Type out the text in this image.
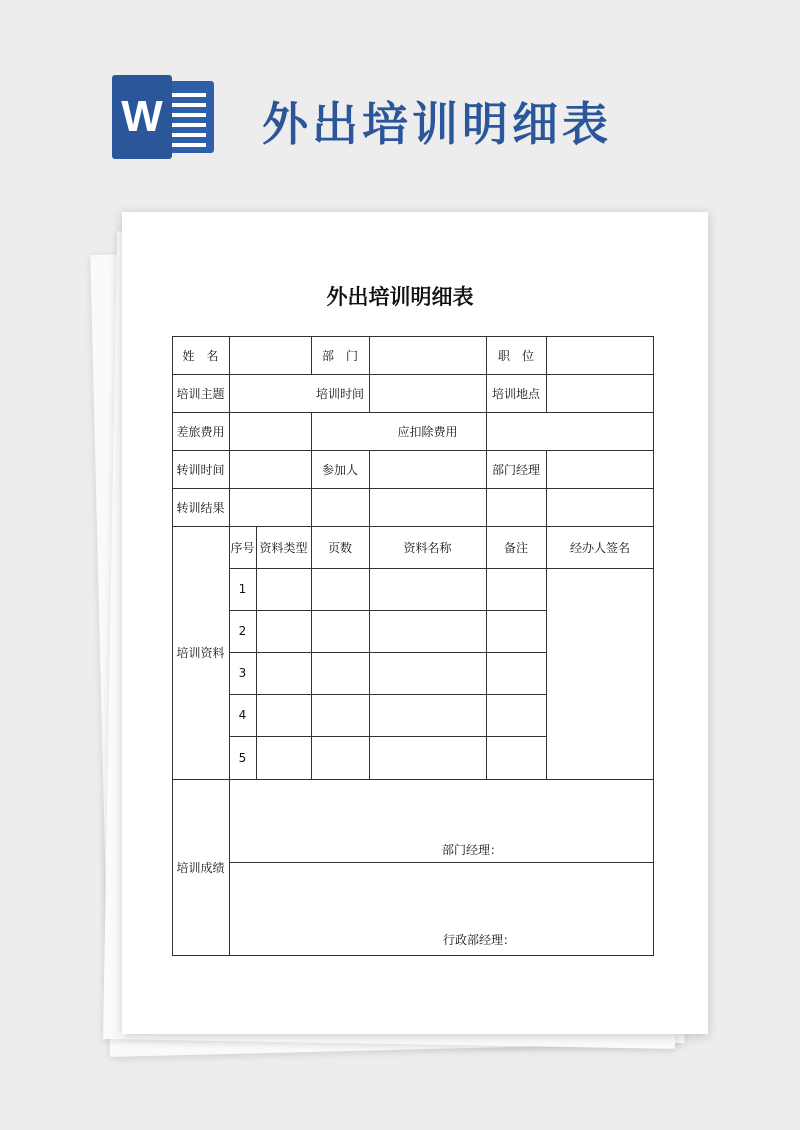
W 外出培训明细表
外出培训明细表
姓　名	部　门	职　位
培训主题	培训时间	培训地点
差旅费用	应扣除费用
转训时间	参加人	部门经理
转训结果
培训资料
序号 资料类型	页数	资料名称	备注	经办人签名
1
2
3
4
5
培训成绩
部门经理：
行政部经理：
